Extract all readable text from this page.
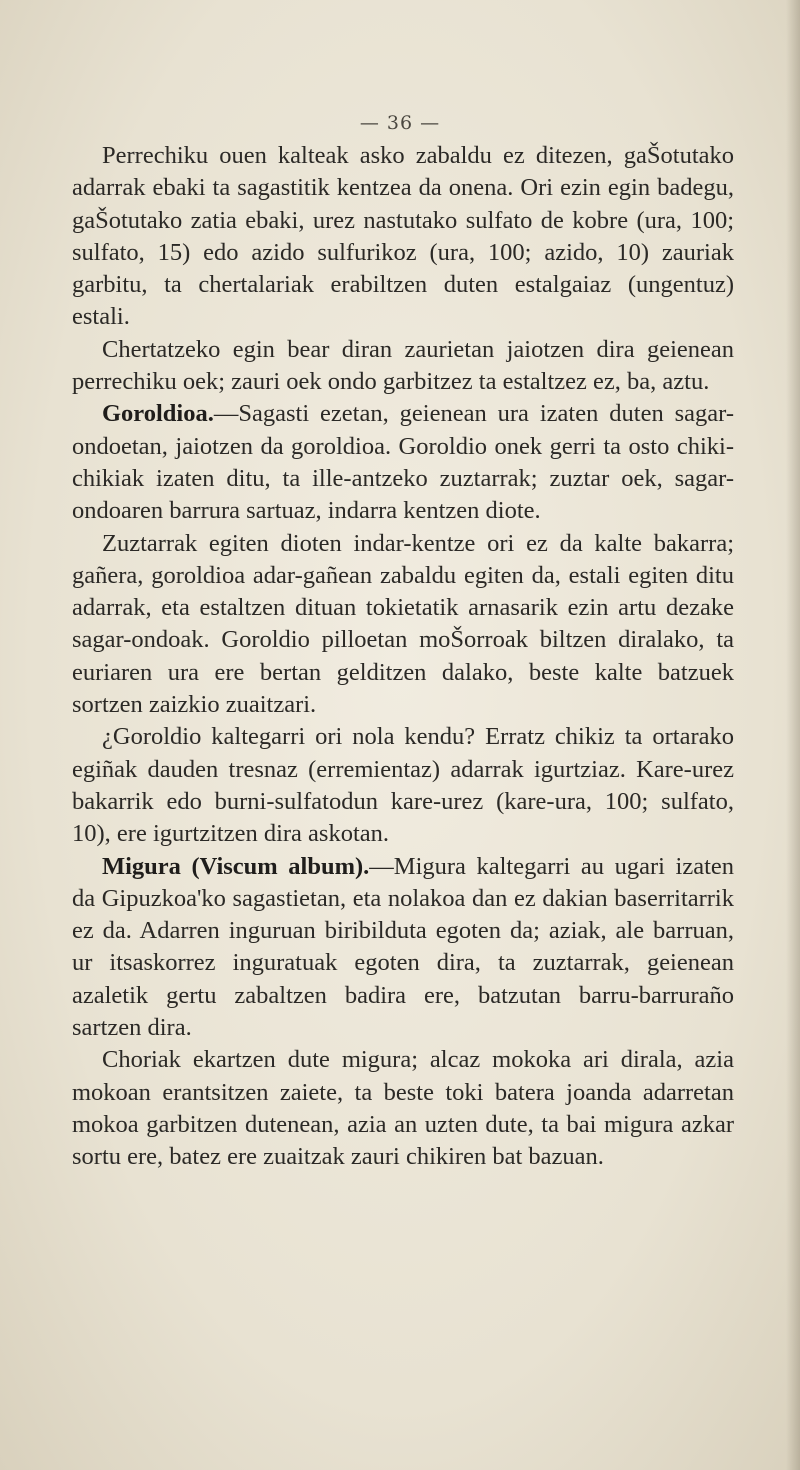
— 36 —

Perrechiku ouen kalteak asko zabaldu ez ditezen, gaŠotutako adarrak ebaki ta sagastitik kentzea da onena. Ori ezin egin badegu, gaŠotutako zatia ebaki, urez nastutako sulfato de kobre (ura, 100; sulfato, 15) edo azido sulfurikoz (ura, 100; azido, 10) zauriak garbitu, ta chertalariak erabiltzen duten estalgaiaz (ungentuz) estali.

Chertatzeko egin bear diran zaurietan jaiotzen dira geienean perrechiku oek; zauri oek ondo garbitzez ta estaltzez ez, ba, aztu.

Goroldioa.—Sagasti ezetan, geienean ura izaten duten sagar-ondoetan, jaiotzen da goroldioa. Goroldio onek gerri ta osto chiki-chikiak izaten ditu, ta ille-antzeko zuztarrak; zuztar oek, sagar-ondoaren barrura sartuaz, indarra kentzen diote.

Zuztarrak egiten dioten indar-kentze ori ez da kalte bakarra; gañera, goroldioa adar-gañean zabaldu egiten da, estali egiten ditu adarrak, eta estaltzen dituan tokietatik arnasarik ezin artu dezake sagar-ondoak. Goroldio pilloetan moŠorroak biltzen diralako, ta euriaren ura ere bertan gelditzen dalako, beste kalte batzuek sortzen zaizkio zuaitzari.

¿Goroldio kaltegarri ori nola kendu? Erratz chikiz ta ortarako egiñak dauden tresnaz (erremientaz) adarrak igurtziaz. Kare-urez bakarrik edo burni-sulfatodun kare-urez (kare-ura, 100; sulfato, 10), ere igurtzitzen dira askotan.

Migura (Viscum album).—Migura kaltegarri au ugari izaten da Gipuzkoa'ko sagastietan, eta nolakoa dan ez dakian baserritarrik ez da. Adarren inguruan biribilduta egoten da; aziak, ale barruan, ur itsaskorrez inguratuak egoten dira, ta zuztarrak, geienean azaletik gertu zabaltzen badira ere, batzutan barru-barruraño sartzen dira.

Choriak ekartzen dute migura; alcaz mokoka ari dirala, azia mokoan erantsitzen zaiete, ta beste toki batera joanda adarretan mokoa garbitzen dutenean, azia an uzten dute, ta bai migura azkar sortu ere, batez ere zuaitzak zauri chikiren bat bazuan.
